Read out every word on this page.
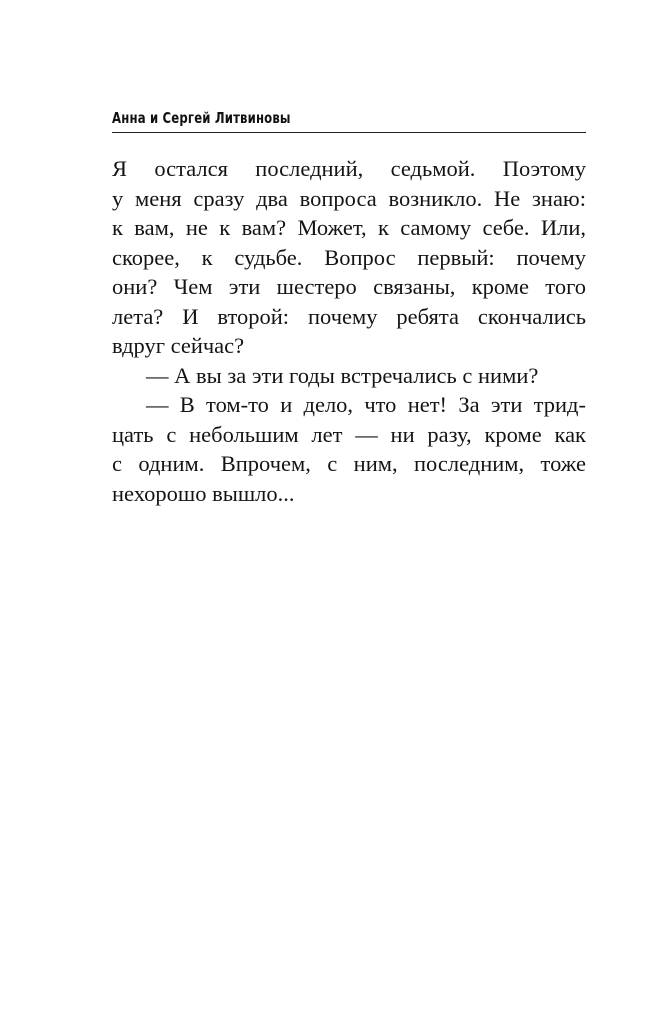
Анна и Сергей Литвиновы
Я остался последний, седьмой. Поэтому
у меня сразу два вопроса возникло. Не знаю:
к вам, не к вам? Может, к самому себе. Или,
скорее, к судьбе. Вопрос первый: почему
они? Чем эти шестеро связаны, кроме того
лета? И второй: почему ребята скончались
вдруг сейчас?
— А вы за эти годы встречались с ними?
— В том-то и дело, что нет! За эти трид-
цать с небольшим лет — ни разу, кроме как
с одним. Впрочем, с ним, последним, тоже
нехорошо вышло...
